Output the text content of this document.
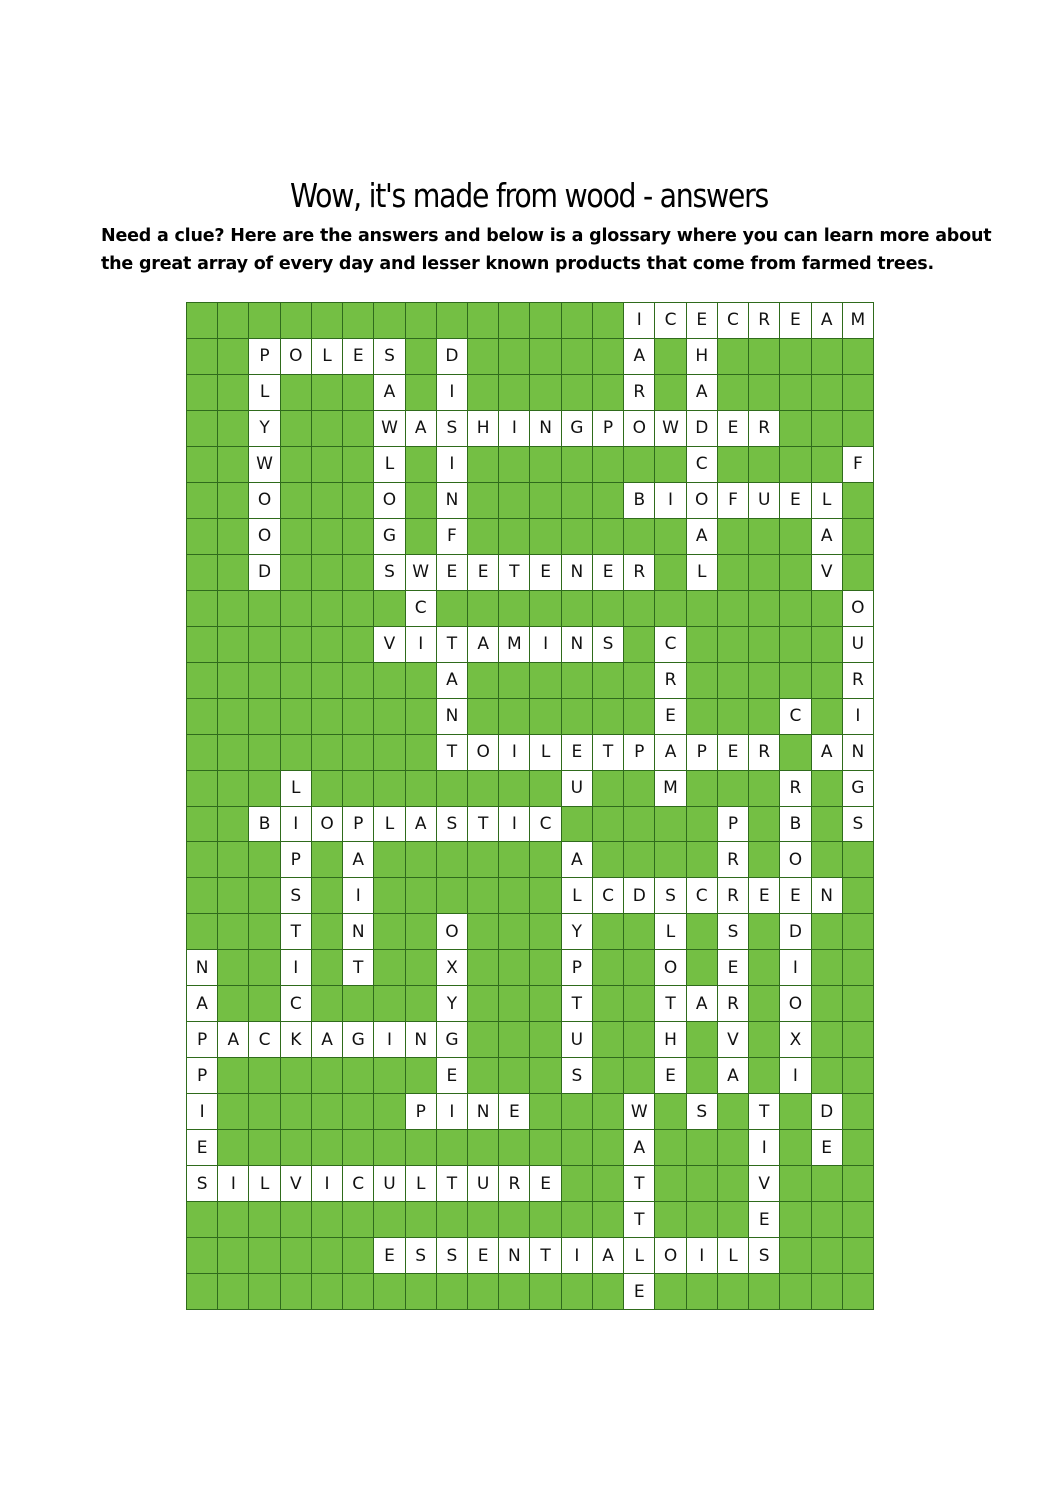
Wow, it's made from wood - answers

Need a clue? Here are the answers and below is a glossary where you can learn more about

the great array of every day and lesser known products that come from farmed trees.

I	C	E	C	R	E	A	M
P	O	L	E	S	D	A	H
L	A	I	R	A
Y	W	A	S	H	I	N	G	P	O W D	E	R
W	L	I	C	F
O	O	N	B	I	O	F	U	E	L
O	G	F	A	A
D	S	W	E	E	T	E	N	E	R	L	V
C	O
V	I	T	A	M	I	N	S	C	U
A	R	R
N	E	C	I
T	O	I	L	E	T	P	A	P	E	R	A	N
L	U	M	R	G
B	I	O	P	L	A	S	T	I	C	P	B	S
P	A	A	R	O
S	I	L	C	D	S	C	R	E	E	N
T	N	O	Y	L	S	D
N	I	T	X	P	O	E	I
A	C	Y	T	T	A	R	O
P	A	C	K	A	G	I	N	G	U	H	V	X
P	E	S	E	A	I
I	P	I	N	E	W	S	T	D
E	A	I	E
S	I	L	V	I	C	U	L	T	U	R	E	T	V
T	E
E	S	S	E	N	T	I	A	L	O	I	L	S
E
